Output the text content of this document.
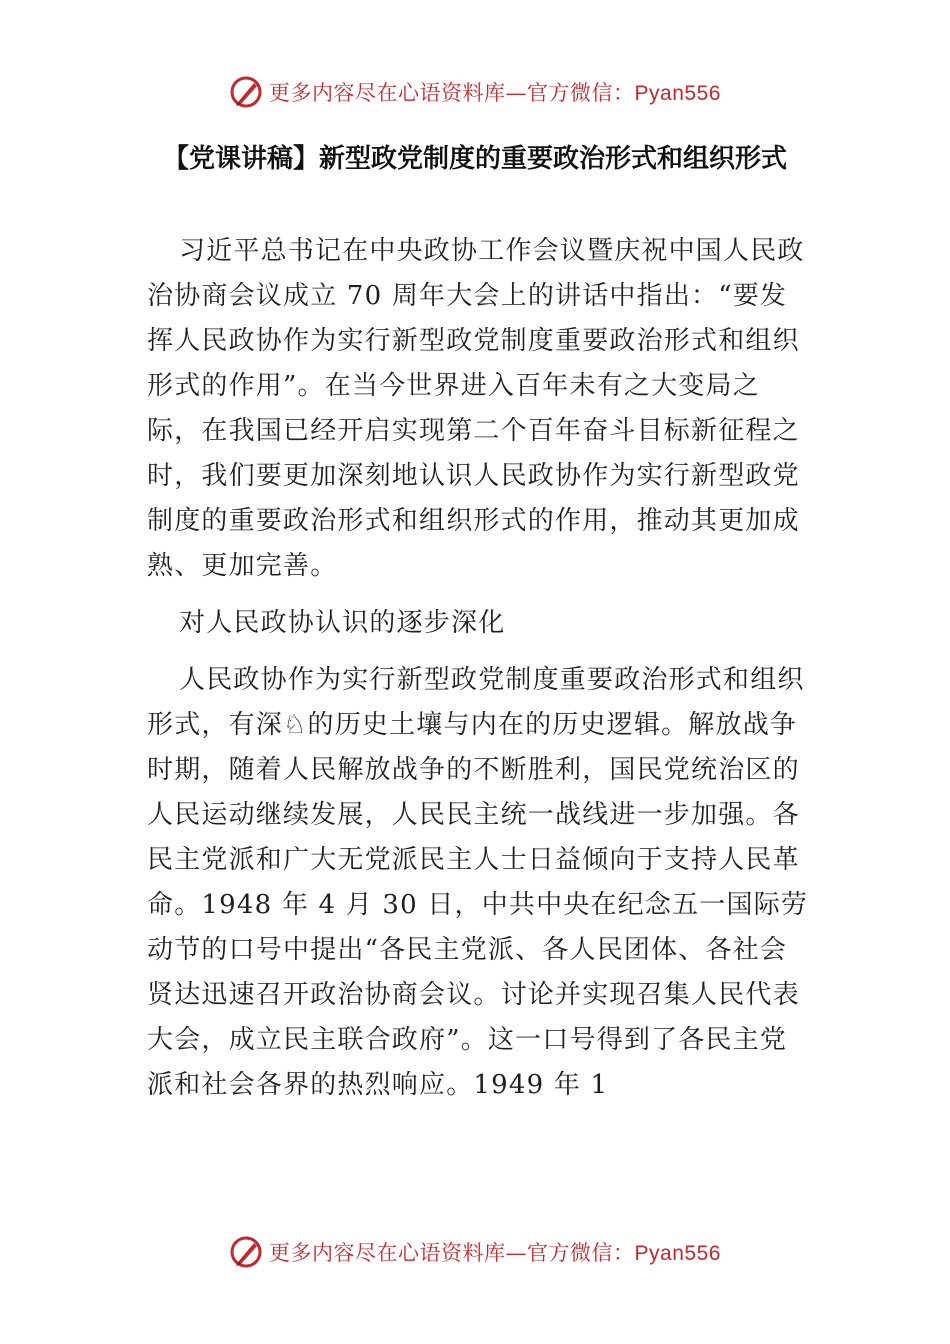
更多内容尽在心语资料库—官方微信：Pyan556
【党课讲稿】新型政党制度的重要政治形式和组织形式

习近平总书记在中央政协工作会议暨庆祝中国人民政治协商会议成立 70 周年大会上的讲话中指出：“要发挥人民政协作为实行新型政党制度重要政治形式和组织形式的作用”。在当今世界进入百年未有之大变局之际，在我国已经开启实现第二个百年奋斗目标新征程之时，我们要更加深刻地认识人民政协作为实行新型政党制度的重要政治形式和组织形式的作用，推动其更加成熟、更加完善。

对人民政协认识的逐步深化

人民政协作为实行新型政党制度重要政治形式和组织形式，有深♘的历史土壤与内在的历史逻辑。解放战争时期，随着人民解放战争的不断胜利，国民党统治区的人民运动继续发展，人民民主统一战线进一步加强。各民主党派和广大无党派民主人士日益倾向于支持人民革命。1948 年 4 月 30 日，中共中央在纪念五一国际劳动节的口号中提出“各民主党派、各人民团体、各社会贤达迅速召开政治协商会议。讨论并实现召集人民代表大会，成立民主联合政府”。这一口号得到了各民主党派和社会各界的热烈响应。1949 年 1

更多内容尽在心语资料库—官方微信：Pyan556
